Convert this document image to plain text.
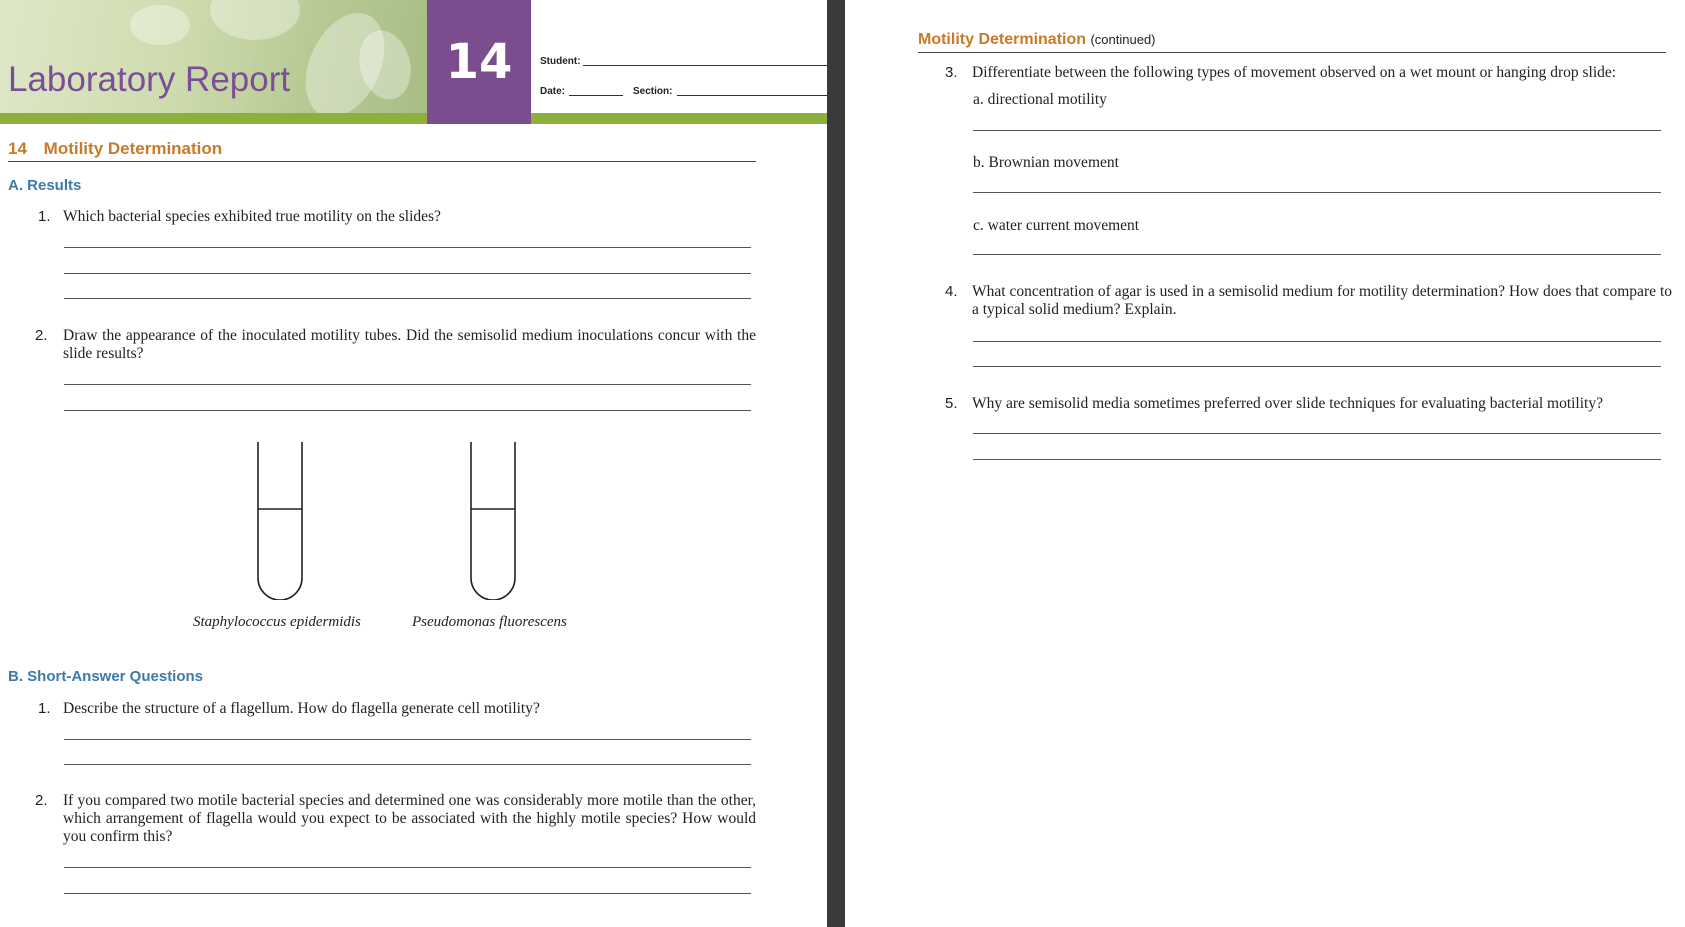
Laboratory Report	14	Student:
Date:	Section:
14 Motility Determination
A. Results
1. Which bacterial species exhibited true motility on the slides?
2. Draw the appearance of the inoculated motility tubes. Did the semisolid medium inoculations concur with the slide results?
Staphylococcus epidermidis	Pseudomonas fluorescens
B. Short-Answer Questions
1. Describe the structure of a flagellum. How do flagella generate cell motility?
2. If you compared two motile bacterial species and determined one was considerably more motile than the other, which arrangement of flagella would you expect to be associated with the highly motile species? How would you confirm this?
Motility Determination (continued)
3. Differentiate between the following types of movement observed on a wet mount or hanging drop slide:
a. directional motility
b. Brownian movement
c. water current movement
4. What concentration of agar is used in a semisolid medium for motility determination? How does that compare to a typical solid medium? Explain.
5. Why are semisolid media sometimes preferred over slide techniques for evaluating bacterial motility?
